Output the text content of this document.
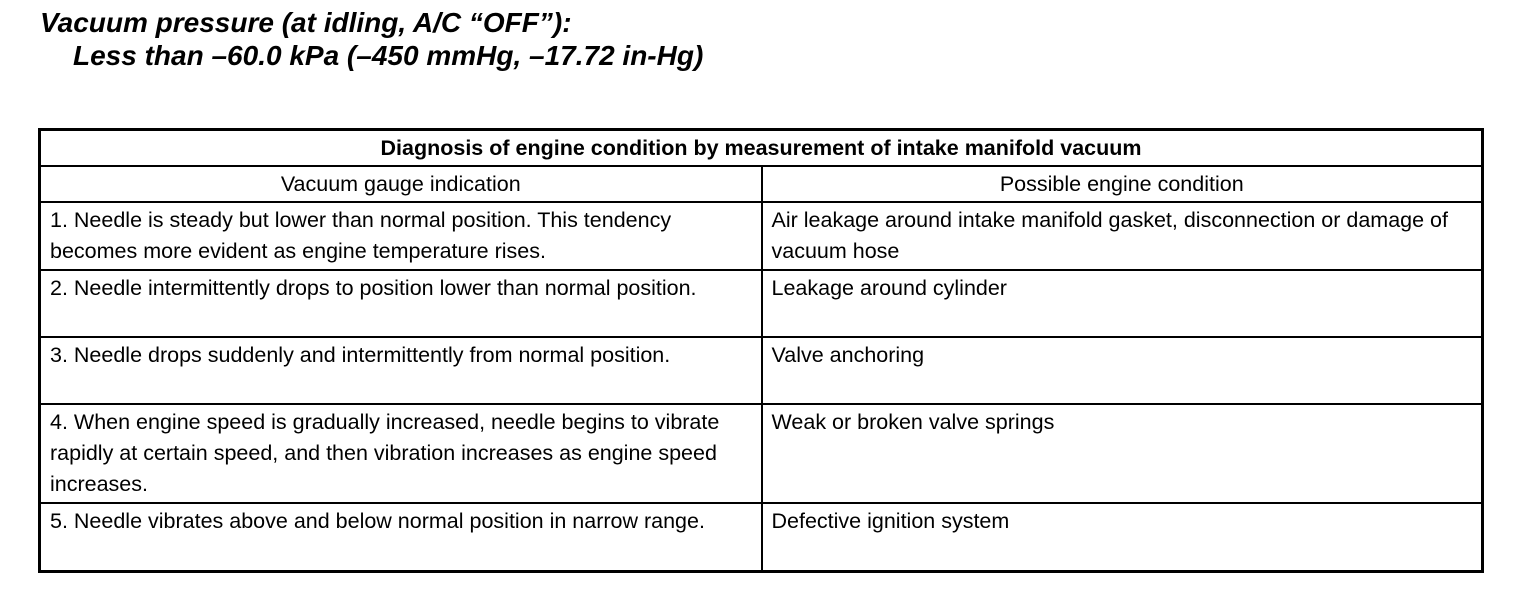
Vacuum pressure (at idling, A/C “OFF”):
Less than –60.0 kPa (–450 mmHg, –17.72 in-Hg)
Diagnosis of engine condition by measurement of intake manifold vacuum	
Vacuum gauge indication	Possible engine condition
1. Needle is steady but lower than normal position. This tendency becomes more evident as engine temperature rises.	Air leakage around intake manifold gasket, disconnection or damage of vacuum hose
2. Needle intermittently drops to position lower than normal position.	Leakage around cylinder
3. Needle drops suddenly and intermittently from normal position.	Valve anchoring
4. When engine speed is gradually increased, needle begins to vibrate rapidly at certain speed, and then vibration increases as engine speed increases.	Weak or broken valve springs
5. Needle vibrates above and below normal position in narrow range.	Defective ignition system
